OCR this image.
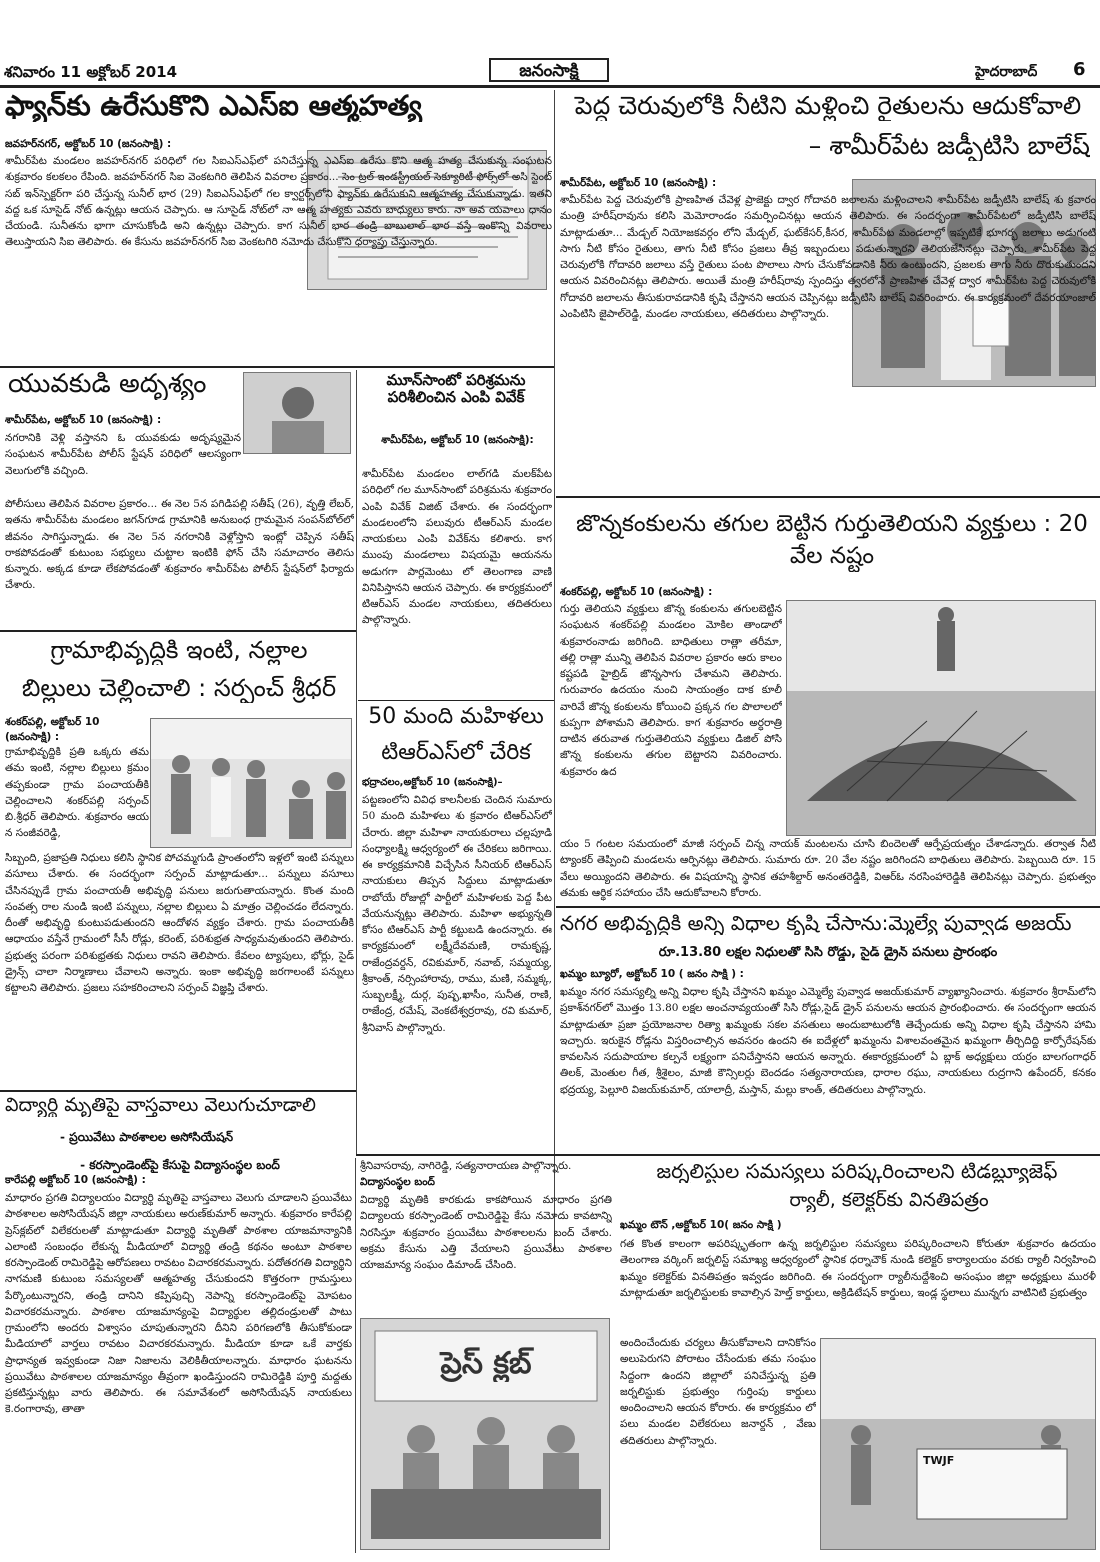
శనివారం 11 అక్టోబర్ 2014	జనంసాక్షి	హైదరాబాద్ 6
ఫ్యాన్‌కు ఉరేసుకొని ఎఎస్‌ఐ ఆత్మహత్య
జవహర్‌నగర్, అక్టోబర్ 10 (జనంసాక్షి) :
శామీర్‌పేట మండలం జవహర్‌నగర్ పరిధిలో గల సిఐఎస్‌ఎఫ్‌లో పనిచేస్తున్న ఎఎస్‌ఐ ఉరేసు కొని ఆత్మ హత్య చేసుకున్న సంఘటన శుక్రవారం కలకలం రేపింది. జవహర్‌నగర్ సిఐ వెంకటగిరి తెలిపిన వివరాల ప్రకారం... సెం ట్రల్ ఇండస్ట్రీయల్ సెక్యూరిటీ ఫోర్స్‌లో అసి స్టెంట్ సబ్ ఇన్‌స్పెక్టర్‌గా పరి చేస్తున్న సునీల్ భార (29) సిఐఎస్‌ఎఫ్‌లో గల క్వార్టర్స్‌లోని ఫ్యాన్‌కు ఉరేసుకుని ఆత్మహత్య చేసుకున్నాడు. ఇతని వద్ద ఒక సూసైడ్ నోట్ ఉన్నట్లు ఆయన చెప్పారు. ఆ సూసైడ్ నోట్‌లో నా ఆత్మ హత్యకు ఎవరు బాధ్యులు కారు. నా అవ యవాలు ధానం చేయండి. సునీతను భాగా చూసుకోండి అని ఉన్నట్లు చెప్పారు. కాగ సునీల్ భార తండ్రి బాబులాల్ భార వస్తే ఇంకొన్ని వివరాలు తెలుస్తాయని సిఐ తెలిపారు. ఈ కేసును జవహర్‌నగర్ సిఐ వెంకటగిరి నమోదు చేసుకొని ధర్యాప్తు చేస్తున్నారు.
పెద్ద చెరువులోకి నీటిని మళ్లించి రైతులను ఆదుకోవాలి
– శామీర్‌పేట జడ్పీటిసి బాలేష్
శామీర్‌పేట, అక్టోబర్ 10 (జనంసాక్షి) :
శామీర్‌పేట పెద్ద చెరువులోకి ప్రాణహిత చేవెళ్ల ప్రాజెక్టు ద్వార గోదావరి జలాలను మళ్లించాలని శామీర్‌పేట జడ్పీటిసి బాలేష్ శు క్రవారం మంత్రి హరీష్‌రావును కలిసి మెమోరాండం సమర్పించినట్లు ఆయన తెలిపారు. ఈ సందర్భంగా శామీర్‌పేటలో జడ్పీటిసి బాలేష్ మాట్లాడుతూ... మేడ్చల్ నియోజకవర్గం లోని మేడ్చల్, ఘట్‌కేసర్,కీసర, శామీర్‌పేట మండలాల్లో ఇప్పటికే భూగర్భ జలాలు అడుగంటి సాగు నీటి కోసం రైతులు, తాగు నీటి కోసం ప్రజలు తీవ్ర ఇబ్బందులు పడుతున్నారని తెలియజేసినట్లు చెప్పారు. శామీర్‌పేట పెద్ద చెరువులోకి గోదావరి జలాలు వస్తే రైతులు పంట పొలాలు సాగు చేసుకోవడానికి నీరు ఉంటుందని, ప్రజలకు తాగు నీరు దొరుకుతుందని ఆయన వివరించినట్లు తెలిపారు. అయితే మంత్రి హరీష్‌రావు స్పందిస్తు త్వరలోనే ప్రాణహిత చేవెళ్ల ద్వార శామీర్‌పేట పెద్ద చెరువులోకి గోదావరి జలాలను తీసుకురావడానికి కృషి చేస్తానని ఆయన చెప్పినట్లు జడ్పీటిసి బాలేష్ వివరించారు. ఈ కార్యక్రమంలో దేవరయాంజాల్ ఎంపిటిసి జైపాల్‌రెడ్డి, మండల నాయకులు, తదితరులు పాల్గొన్నారు.
యువకుడి అదృశ్యం
శామీర్‌పేట, అక్టోబర్ 10 (జనంసాక్షి) :
నగరానికి వెళ్లి వస్తానని ఓ యువకుడు అదృష్యమైన సంఘటన శామీర్‌పేట పోలీస్ స్టేషన్ పరిధిలో ఆలస్యంగా వెలుగులోకి వచ్చింది.
పోలీసులు తెలిపిన వివరాల ప్రకారం... ఈ నెల 5న పగిడిపల్లి సతీష్ (26), వృత్తి లేబర్, ఇతను శామీర్‌పేట మండలం జగన్‌గూడ గ్రామానికి అనుబంధ గ్రామమైన సంపన్‌బోల్‌లో జీవనం సాగిస్తున్నాడు. ఈ నెల 5న నగరానికి వెళ్లోస్తాని ఇంట్లో చెప్పిన సతీష్ రాకపోవడంతో కుటుంబ సభ్యులు చుట్టాల ఇంటికి ఫోన్ చేసి సమాచారం తెలిసు కున్నారు. అక్కడ కూడా లేకపోవడంతో శుక్రవారం శామీర్‌పేట పోలీస్ స్టేషన్‌లో ఫిర్యాదు చేశారు.
మూన్‌సాంటో పరిశ్రమను పరిశీలించిన ఎంపి వివేక్
శామీర్‌పేట, అక్టోబర్ 10 (జనంసాక్షి):
శామీర్‌పేట మండలం లాల్‌గడి మలక్‌పేట పరిధిలో గల మూన్‌సాంటో పరిశ్రమను శుక్రవారం ఎంపి వివేక్ విజిట్ చేశారు. ఈ సందర్భంగా మండలంలోని పలువురు టీఆర్‌ఎస్ మండల నాయకులు ఎంపి వివేక్‌ను కలిశారు. కాగ ముంపు మండలాలు విషయమై ఆయనను అడుగగా పార్లమెంటు లో తెలంగాణ వాణి వినిపిస్తానని ఆయన చెప్పారు. ఈ కార్యక్రమంలో టిఆర్‌ఎస్ మండల నాయకులు, తదితరులు పాల్గొన్నారు.
జొన్నకంకులను తగుల బెట్టిన గుర్తుతెలియని వ్యక్తులు : 20 వేల నష్టం
శంకర్‌పల్లి, అక్టోబర్ 10 (జనంసాక్షి) :
గుర్తు తెలియని వ్యక్తులు జొన్న కంకులను తగులబెట్టిన సంఘటన శంకర్‌పల్లి మండలం మోకిల తాండాలో శుక్రవారంనాడు జరిగింది. బాధితులు రాత్లా తరీమా, తల్లి రాత్లా మున్ని తెలిపిన వివరాల ప్రకారం ఆరు కాలం కష్టపడి హైబ్రిడ్ జొన్నసాగు చేశామని తెలిపారు. గురువారం ఉదయం నుంచి సాయంత్రం దాక కూలీ వారివే జొన్న కంకులను కోయించి ప్రక్కన గల పొలాలలో కుప్పగా పోశామని తెలిపారు. కాగ శుక్రవారం అర్ధరాత్రి దాటిన తరువాత గుర్తుతెలియని వ్యక్తులు డిజిల్ పోసి జొన్న కంకులను తగుల బెట్టారని వివరించారు. శుక్రవారం ఉద
యం 5 గంటల సమయంలో మాజీ సర్పంచ్ చిన్న నాయక్ మంటలను చూసి బిందెలతో ఆర్పేప్రయత్నం చేశాడన్నారు. తర్వాత నీటి ట్యాంకర్ తెప్పించి మండలను ఆర్పినట్లు తెలిపారు. సుమారు రూ. 20 వేల నష్టం జరిగిందని బాధితులు తెలిపారు. పెబ్బయిది రూ. 15 వేలు అయ్యిందని తెలిపారు. ఈ విషయాన్ని స్థానిక తహశీల్దార్ అనంతరెడ్డికి, విఆర్ఓ నరసింహారెడ్డికి తెలిపినట్లు చెప్పారు. ప్రభుత్వం తమకు ఆర్థిక సహాయం చేసి ఆదుకోవాలని కోరారు.
గ్రామాభివృద్ధికి ఇంటి, నల్లాల
బిల్లులు చెల్లించాలి : సర్పంచ్ శ్రీధర్
శంకర్‌పల్లి, అక్టోబర్ 10 (జనంసాక్షి) :
గ్రామాభివృద్దికి ప్రతి ఒక్కరు తమ తమ ఇంటి, నల్లాల బిల్లులు క్రమం తప్పకుండా గ్రామ పంచాయతీకి చెల్లించాలని శంకర్‌పల్లి సర్పంచ్ బి.శ్రీధర్ తెలిపారు. శుక్రవారం ఆయ న సంజీవరెడ్డి,
సిబ్బంది, ప్రజాప్రతి నిధులు కలిసి స్థానిక పోచమ్మగుడి ప్రాంతంలోని ఇళ్లలో ఇంటి పన్నులు వసూలు చేశారు. ఈ సందర్భంగా సర్పంచ్ మాట్లాడుతూ... పన్నులు వసూలు చేసినప్పుడే గ్రామ పంచాయతీ అభివృద్ధి పనులు జరుగుతాయన్నారు. కొంత మంది సంవత్స రాల నుండి ఇంటి పన్నులు, నల్లాల బిల్లులు ఏ మాత్రం చెల్లించడం లేదన్నారు. దీంతో అభివృద్ధి కుంటుపడుతుందని ఆందోళన వ్యక్తం చేశారు. గ్రామ పంచాయతీకి ఆధాయం వస్తేనే గ్రామంలో సీసీ రోడ్లు, కరెంట్, పరిశుభ్రత సాధ్యమవుతుందని తెలిపారు. ప్రభుత్వ పరంగా పరిశుభ్రతకు నిధులు రావని తెలిపారు. కేవలం ట్యాపులు, భోర్లు, సైడ్ డ్రైన్స్ చాలా నిర్మాణాలు చేవాలని అన్నారు. ఇంకా అభివృద్ధి జరగాలంటే పన్నులు కట్టాలని తెలిపారు. ప్రజలు సహకరించాలని సర్పంచ్ విజ్ఞప్తి చేశారు.
50 మంది మహిళలు
టిఆర్‌ఎస్‌లో చేరిక
భద్రాచలం,అక్టోబర్ 10 (జనంసాక్షి)–
పట్టణంలోని వివిధ కాలనీలకు చెందిన సుమారు 50 మంది మహిళలు శు క్రవారం టిఆర్‌ఎస్‌లో చేరారు. జిల్లా మహిళా నాయకురాలు చల్లపూడి సంధ్యాలక్ష్మి ఆధ్వర్యంలో ఈ చేరికలు జరిగాయి. ఈ కార్యక్రమానికి విచ్చేసిన సీనియర్ టిఆర్‌ఎస్ నాయకులు తిప్పన సిద్దులు మాట్లాడుతూ రాబోయే రోజుల్లో పార్టీలో మహిళలకు పెద్ద పీట వేయనున్నట్లు తెలిపారు. మహిళా అభ్యున్నతి కోసం టిఆర్‌ఎస్ పార్టీ కట్టుబడి ఉందన్నారు. ఈ కార్యక్రమంలో లక్ష్మీదేవమణి, రామకృష్ణ, రాజేంద్రవర్దన్, రవికుమార్, నవాబ్, సమ్మయ్య, శ్రీకాంత్, నర్సింహారావు, రాము, మణి, సమ్మక్క, సుబ్బలక్ష్మీ, దుర్గ, పుష్ప,ఖాసీం, సునీత, రాణి, రాజేంద్ర, రమేష్, వెంకటేశ్వర్రరావు, రవి కుమార్, శ్రీనివాస్ పాల్గొన్నారు.
నగర అభివృద్ధికి అన్ని విధాల కృషి చేసాను:మ్మెల్యే పువ్వాడ అజయ్
రూ.13.80 లక్షల నిధులతో సిసి రోడ్డు, సైడ్ డ్రైన్ పనులు ప్రారంభం
ఖమ్మం బ్యూరో, అక్టోబర్ 10 ( జనం సాక్షి ) :
ఖమ్మం నగర సమస్యల్ని అన్ని విధాల కృషి చేస్తానని ఖమ్మం ఎమ్మెల్యే పువ్వాడ అజయ్‌కుమార్ వ్యాఖ్యానించారు. శుక్రవారం శ్రీరామ్‌లోని ప్రకాశ్‌నగర్‌లో మొత్తం 13.80 లక్షల అంచనావ్యయంతో సిసి రోడ్లు,సైడ్ డ్రైన్ పనులను ఆయన ప్రారంభించారు. ఈ సందర్భంగా ఆయన మాట్లాడుతూ ప్రజా ప్రయోజనాల రిత్యా ఖమ్మంకు సకల వసతులు అందుబాటులోకి తెచ్చేందుకు అన్ని విధాల కృషి చేస్తానని హామి ఇచ్చారు. ఇరుకైన రోడ్లను విస్తరించాల్సిన అవసరం ఉందని ఈ ఐదేళ్లలో ఖమ్మంను విశాలవంతమైన ఖమ్మంగా తీర్చిదిద్ది కార్పోరేషన్‌కు కావలసిన సదుపాయాల కల్పనే లక్ష్యంగా పనిచేస్తానని ఆయన అన్నారు. ఈకార్యక్రమంలో ఏ బ్లాక్ అధ్యక్షులు యర్రం బాలగంగాధర్ తిలక్, మెంతుల గీత, శ్రీశైలం, మాజీ కౌన్సిలర్లు బెందడం సత్యనారాయణ, ధారాల రఘు, నాయకులు రుద్రగాని ఉపేందర్, కనకం భద్రయ్య, పెల్లూరి విజయ్‌కుమార్, యాలాద్రీ, మస్తాన్, మల్లు కాంత్, తదితరులు పాల్గొన్నారు.
విద్యార్థి మృతిపై వాస్తవాలు వెలుగుచూడాలి
- ప్రయివేటు పాఠశాలల అసోసియేషన్
- కరస్పాండెంట్‌పై కేసుపై విద్యాసంస్థల బంద్
కారేపల్లి అక్టోబర్ 10 (జనంసాక్షి) :
మాధారం ప్రగతి విద్యాలయం విద్యార్థి మృతిపై వాస్తవాలు వెలుగు చూడాలని ప్రయివేటు పాఠశాలల అసోసియేషన్ జిల్లా నాయకులు అరుణ్‌కుమార్ అన్నారు. శుక్రవారం కారేపల్లి ప్రెస్‌క్లబ్‌లో విలేకరులతో మాట్లాడుతూ విద్యార్థి మృతితో పాఠశాల యాజమాన్యానికి ఎలాంటి సంబంధం లేకున్న మీడియాలో విద్యార్థి తండ్రి కథనం అంటూ పాఠశాల కరస్పాండెంట్ రామిరెడ్డిపై ఆరోపణలు రావటం విచారకరమన్నారు. పదోతరగతి విద్యార్థిని నాగమణి కుటుంబ సమస్యలతో ఆత్మహత్య చేసుకుందని కొత్తరంగా గ్రామస్తులు పేర్కొంటున్నారని, తండ్రి దానిని కప్పిపుచ్చి నెపాన్ని కరస్పాండెంట్‌పై మోపటం విచారకరమన్నారు. పాఠశాల యాజమాన్యంపై విద్యార్థుల తల్లిదండ్రులతో పాటు గ్రామంలోని అందరు విశ్వాసం చూపుతున్నారని దీనిని పరిగణలోకి తీసుకోకుండా మీడియాలో వార్తలు రావటం విచారకరమన్నారు. మీడియా కూడా ఒకే వార్తకు ప్రాధాన్యత ఇవ్వకుండా నిజా నిజాలను వెలికితీయాలన్నారు. మాధారం ఘటనను ప్రయివేటు పాఠశాలల యాజమాన్యం తీవ్రంగా ఖండిస్తుందని రామిరెడ్డికి పూర్తి మద్దతు ప్రకటిస్తున్నట్లు వారు తెలిపారు. ఈ సమావేశంలో అసోసియేషన్ నాయకులు కె.రంగారావు, తాతా
శ్రీనివాసరావు, నాగిరెడ్డి, సత్యనారాయణ పాల్గొన్నారు.
విద్యాసంస్థల బంద్
విద్యార్థి మృతికి కారకుడు కాకపోయిన మాధారం ప్రగతి విద్యాలయ కరస్పాండెంట్ రామిరెడ్డిపై కేసు నమోదు కావటాన్ని నిరసిస్తూ శుక్రవారం ప్రయివేటు పాఠశాలలను బంద్ చేశారు. అక్రమ కేసును ఎత్తి వేయాలని ప్రయివేటు పాఠశాల యాజమాన్య సంఘం డిమాండ్ చేసింది.
ప్రెస్ క్లబ్
జర్నలిస్టుల సమస్యలు పరిష్కరించాలని టిడబ్ల్యూజెఫ్
ర్యాలీ, కలెక్టర్‌కు వినతిపత్రం
ఖమ్మం టౌన్ ,అక్టోబర్ 10( జనం సాక్షి )
గత కొంత కాలంగా అపరిష్కృతంగా ఉన్న జర్నలిస్టుల సమస్యలు పరిష్కరించాలని కోరుతూ శుక్రవారం ఉదయం తెలంగాణ వర్కింగ్ జర్నలిస్ట్ సమాఖ్య ఆధ్వర్యంలో స్థానిక ధర్నాచౌక్ నుండి కలెక్టర్ కార్యాలయం వరకు ర్యాలీ నిర్వహించి ఖమ్మం కలెక్టర్‌కు వినతిపత్రం ఇవ్వడం జరిగింది. ఈ సందర్భంగా ర్యాలీనుద్దేశించి అసంఘం జిల్లా అధ్యక్షులు మురళీ మాట్లాడుతూ జర్నలిస్టులకు కావాల్సిన హెల్త్ కార్డులు, అక్రిడిటేషన్ కార్డులు, ఇండ్ల స్థలాలు మున్నగు వాటినిటి ప్రభుత్వం
అందించేందుకు చర్యలు తీసుకోవాలని దానికోసం అలుపెరుగని పోరాటం చేసేందుకు తమ సంఘం సిద్దంగా ఉందని జిల్లాలో పనిచేస్తున్న ప్రతి జర్నలిస్టుకు ప్రభుత్వం గుర్తింపు కార్డులు అందించాలని ఆయన కోరారు. ఈ కార్యక్రమం లో పలు మండల విలేకరులు జనార్దన్ , వేణు తదితరులు పాల్గొన్నారు.
TWJF
